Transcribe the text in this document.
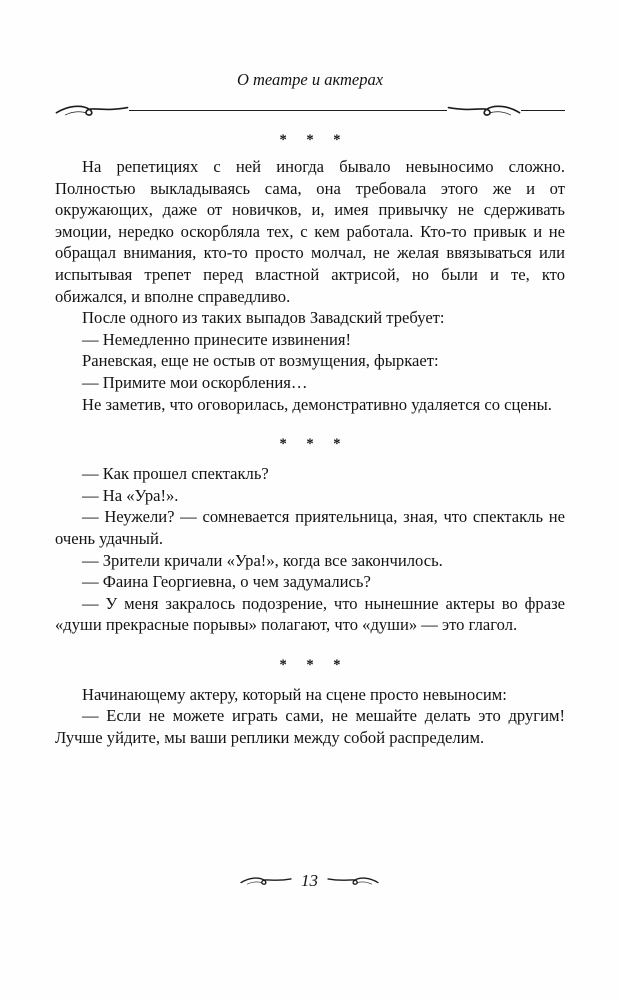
О театре и актерах
* * *

На репетициях с ней иногда бывало невыносимо сложно. Полностью выкладываясь сама, она требовала этого же и от окружающих, даже от новичков, и, имея привычку не сдерживать эмоции, нередко оскорбляла тех, с кем работала. Кто-то привык и не обращал внимания, кто-то просто молчал, не желая ввязываться или испытывая трепет перед властной актрисой, но были и те, кто обижался, и вполне справедливо.

После одного из таких выпадов Завадский требует:

— Немедленно принесите извинения!

Раневская, еще не остыв от возмущения, фыркает:

— Примите мои оскорбления…

Не заметив, что оговорилась, демонстративно удаляется со сцены.

* * *

— Как прошел спектакль?

— На «Ура!».

— Неужели? — сомневается приятельница, зная, что спектакль не очень удачный.

— Зрители кричали «Ура!», когда все закончилось.

— Фаина Георгиевна, о чем задумались?

— У меня закралось подозрение, что нынешние актеры во фразе «души прекрасные порывы» полагают, что «души» — это глагол.

* * *

Начинающему актеру, который на сцене просто невыносим:

— Если не можете играть сами, не мешайте делать это другим! Лучше уйдите, мы ваши реплики между собой распределим.

13
